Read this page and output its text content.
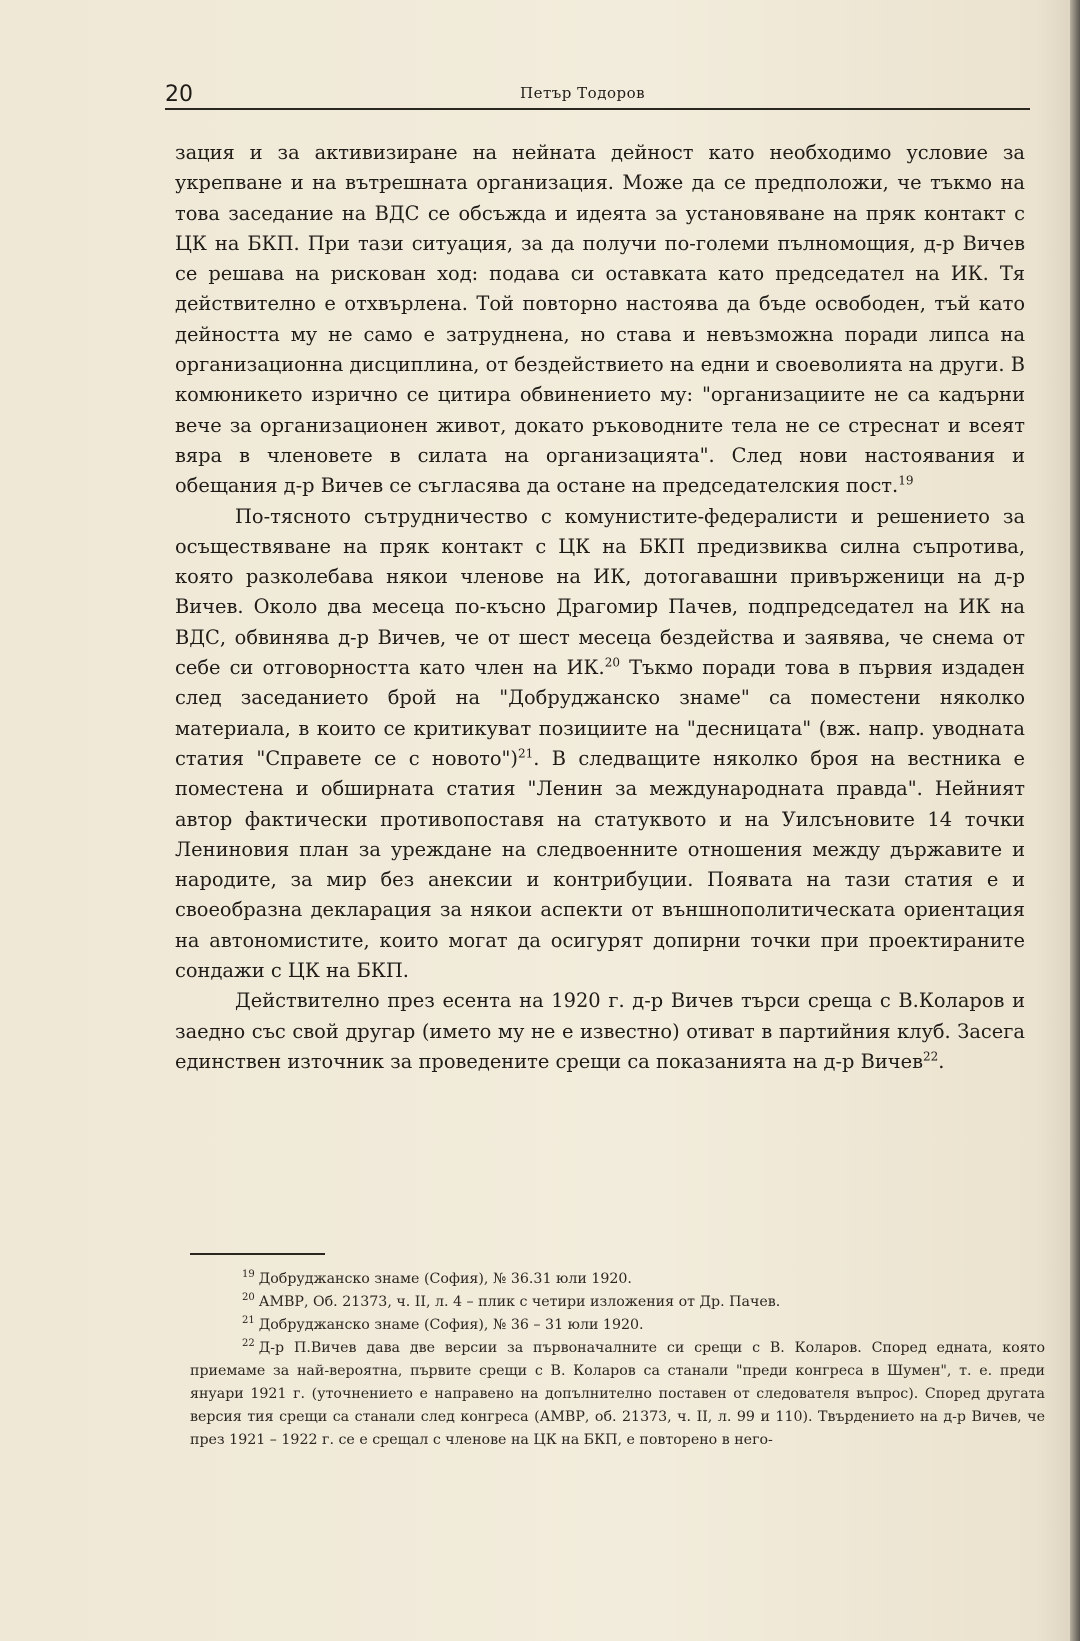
20	Петър Тодоров

зация и за активизиране на нейната дейност като необходимо условие за укрепване и на вътрешната организация. Може да се предположи, че тъкмо на това заседание на ВДС се обсъжда и идеята за установяване на пряк контакт с ЦК на БКП. При тази ситуация, за да получи по-големи пълномощия, д-р Вичев се решава на рискован ход: подава си оставката като председател на ИК. Тя действително е отхвърлена. Той повторно настоява да бъде освободен, тъй като дейността му не само е затруднена, но става и невъзможна поради липса на организационна дисциплина, от бездействието на едни и своеволията на други. В комюникето изрично се цитира обвинението му: "организациите не са кадърни вече за организационен живот, докато ръководните тела не се стреснат и всеят вяра в членовете в силата на организацията". След нови настоявания и обещания д-р Вичев се съгласява да остане на председателския пост.$^{19}$

По-тясното сътрудничество с комунистите-федералисти и решението за осъществяване на пряк контакт с ЦК на БКП предизвиква силна съпротива, която разколебава някои членове на ИК, дотогавашни привърженици на д-р Вичев. Около два месеца по-късно Драгомир Пачев, подпредседател на ИК на ВДС, обвинява д-р Вичев, че от шест месеца бездейства и заявява, че снема от себе си отговорността като член на ИК.$^{20}$ Тъкмо поради това в първия издаден след заседанието брой на "Добруджанско знаме" са поместени няколко материала, в които се критикуват позициите на "десницата" (вж. напр. уводната статия "Справете се с новото")$^{21}$. В следващите няколко броя на вестника е поместена и обширната статия "Ленин за международната правда". Нейният автор фактически противопоставя на статуквото и на Уилсъновите 14 точки Лениновия план за уреждане на следвоенните отношения между държавите и народите, за мир без анексии и контрибуции. Появата на тази статия е и своеобразна декларация за някои аспекти от външнополитическата ориентация на автономистите, които могат да осигурят допирни точки при проектираните сондажи с ЦК на БКП.

Действително през есента на 1920 г. д-р Вичев търси среща с В.Коларов и заедно със свой другар (името му не е известно) отиват в партийния клуб. Засега единствен източник за проведените срещи са показанията на д-р Вичев$^{22}$.

$^{19}$ Добруджанско знаме (София), № 36.31 юли 1920.

$^{20}$ АМВР, Об. 21373, ч. II, л. 4 – плик с четири изложения от Др. Пачев.

$^{21}$ Добруджанско знаме (София), № 36 – 31 юли 1920.

$^{22}$ Д-р П.Вичев дава две версии за първоначалните си срещи с В. Коларов. Според едната, която приемаме за най-вероятна, първите срещи с В. Коларов са станали "преди конгреса в Шумен", т. е. преди януари 1921 г. (уточнението е направено на допълнително поставен от следователя въпрос). Според другата версия тия срещи са станали след конгреса (АМВР, об. 21373, ч. II, л. 99 и 110). Твърдението на д-р Вичев, че през 1921 – 1922 г. се е срещал с членове на ЦК на БКП, е повторено в него-
